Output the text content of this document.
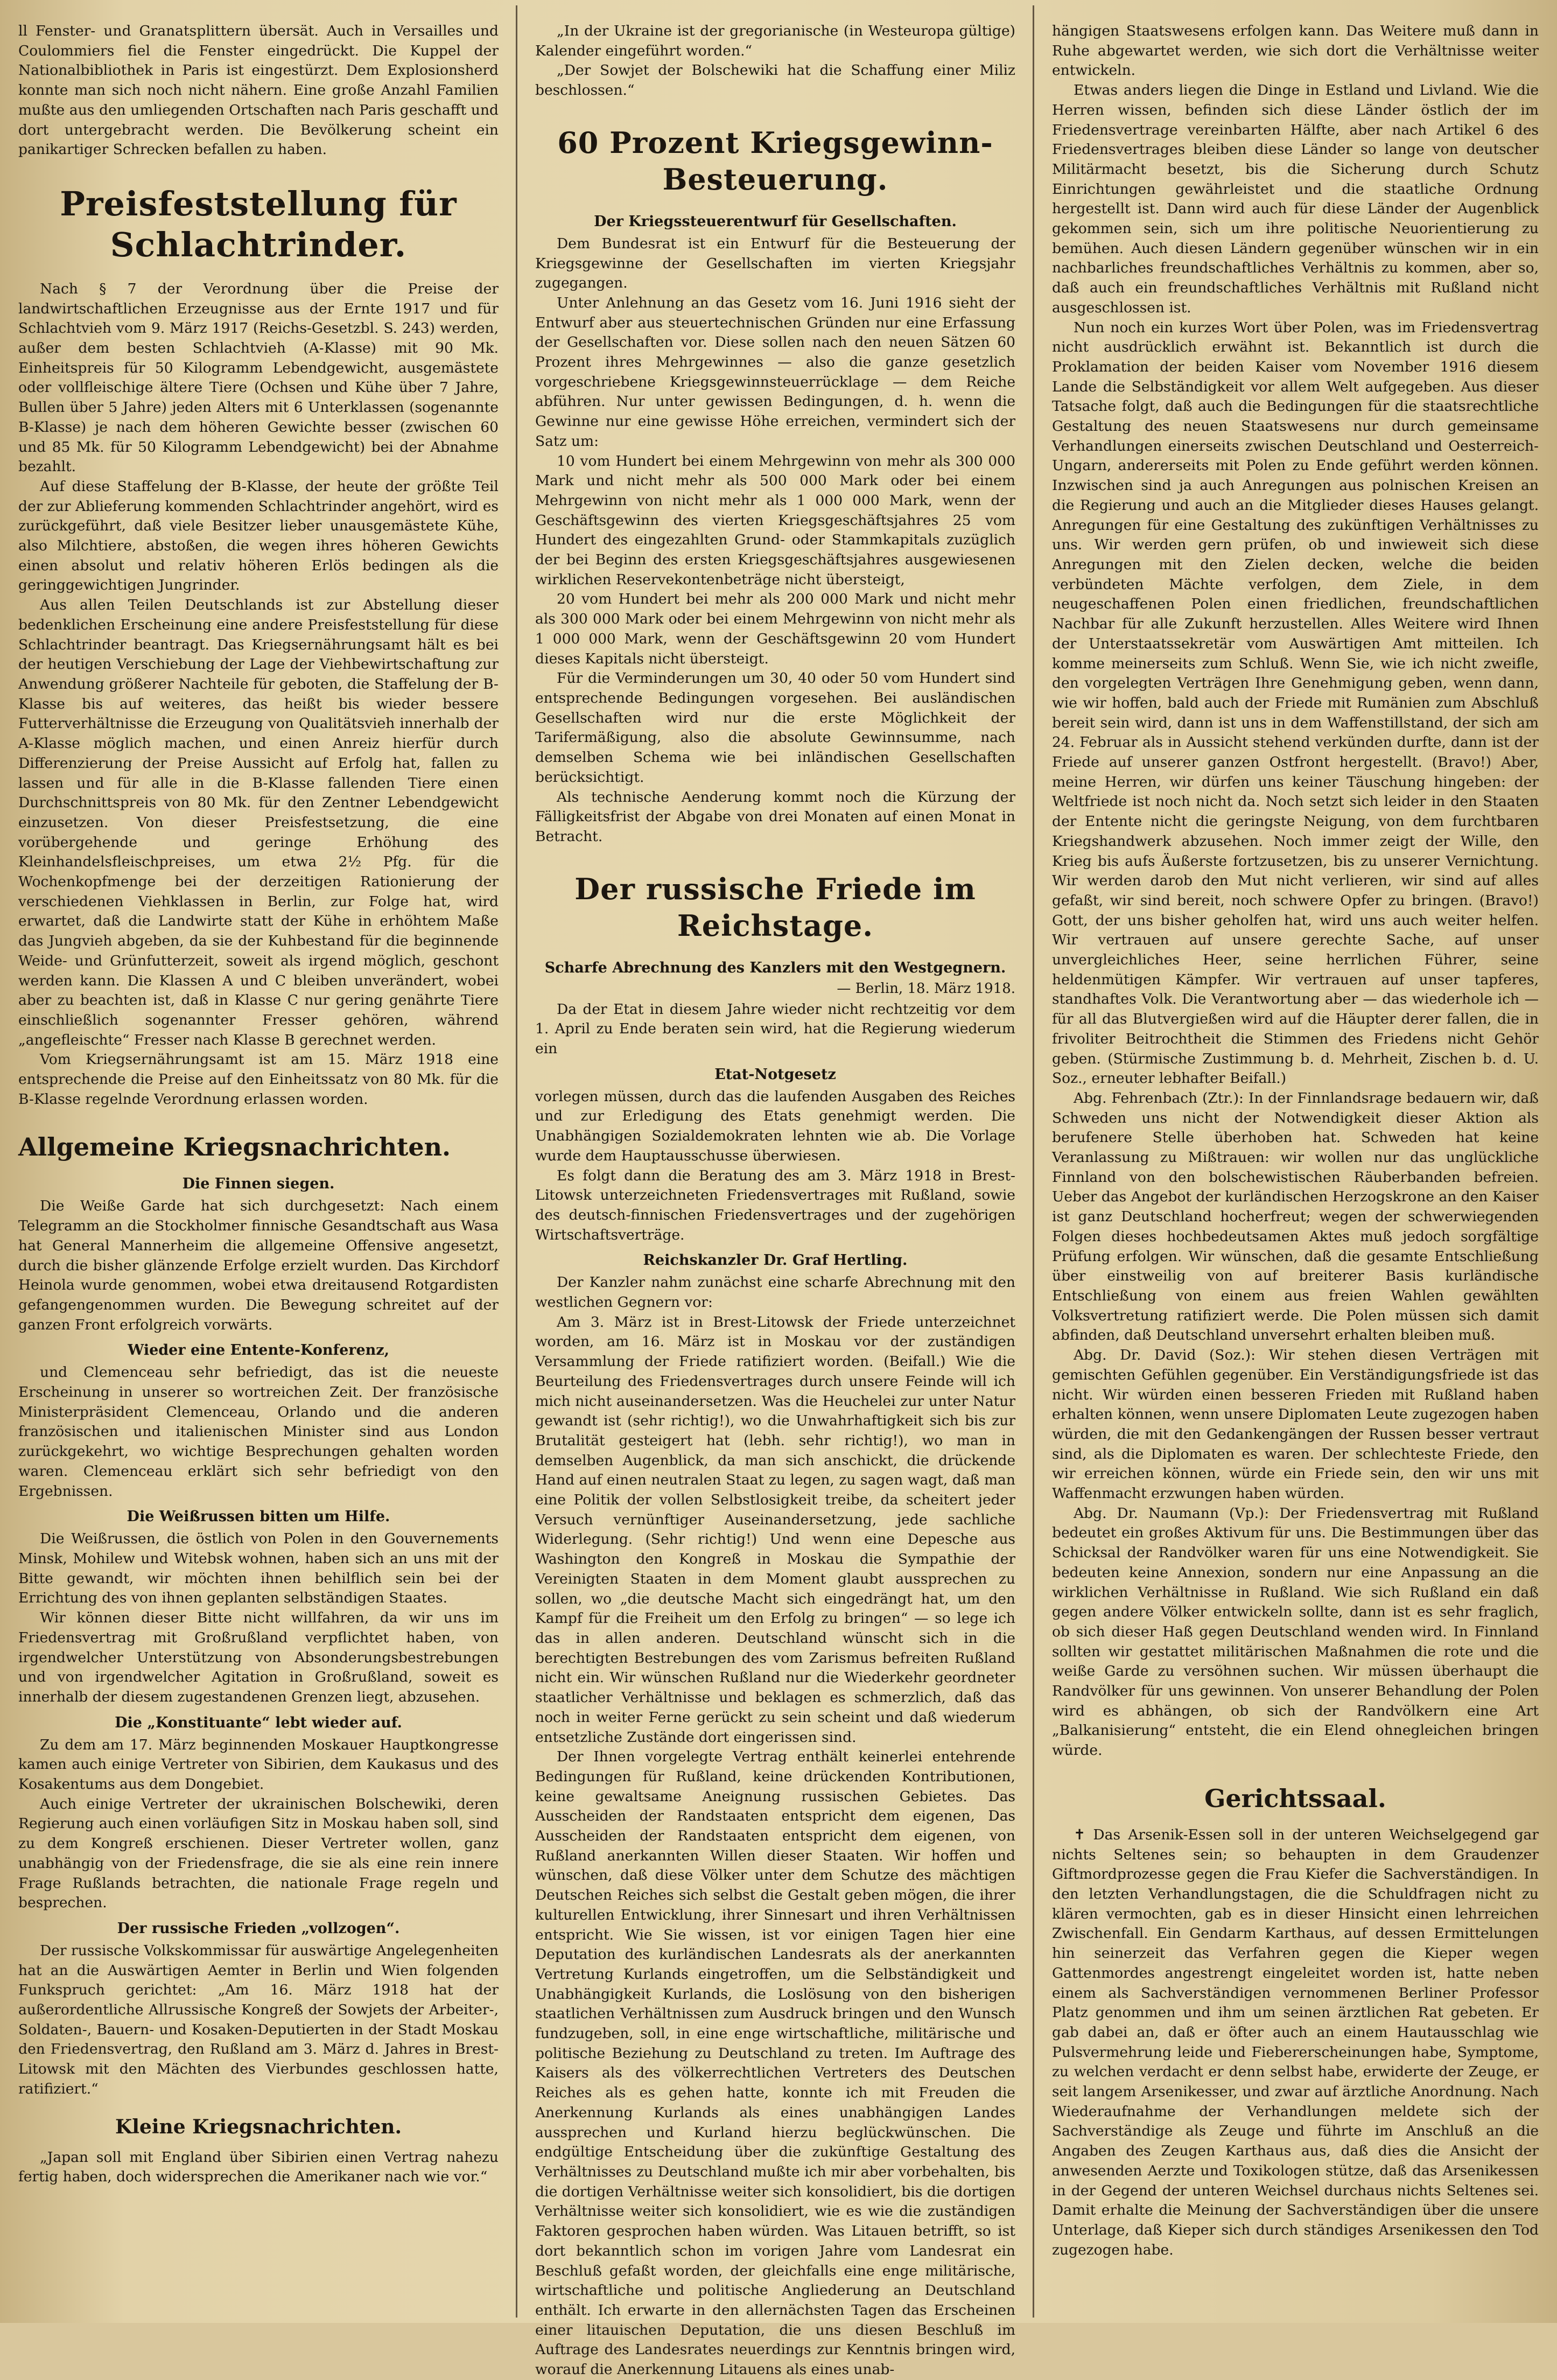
ll Fenster- und Granatsplittern übersät. Auch in Versailles und Coulommiers fiel die Fenster eingedrückt. Die Kuppel der Nationalbibliothek in Paris ist eingestürzt. Dem Explosionsherd konnte man sich noch nicht nähern. Eine große Anzahl Familien mußte aus den umliegenden Ortschaften nach Paris geschafft und dort untergebracht werden. Die Bevölkerung scheint ein panikartiger Schrecken befallen zu haben.

Preisfeststellung für Schlachtrinder.

Nach § 7 der Verordnung über die Preise der landwirtschaftlichen Erzeugnisse aus der Ernte 1917 und für Schlachtvieh vom 9. März 1917 (Reichs-Gesetzbl. S. 243) werden, außer dem besten Schlachtvieh (A-Klasse) mit 90 Mk. Einheitspreis für 50 Kilogramm Lebendgewicht, ausgemästete oder vollfleischige ältere Tiere (Ochsen und Kühe über 7 Jahre, Bullen über 5 Jahre) jeden Alters mit 6 Unterklassen (sogenannte B-Klasse) je nach dem höheren Gewichte besser (zwischen 60 und 85 Mk. für 50 Kilogramm Lebendgewicht) bei der Abnahme bezahlt.

Auf diese Staffelung der B-Klasse, der heute der größte Teil der zur Ablieferung kommenden Schlachtrinder angehört, wird es zurückgeführt, daß viele Besitzer lieber unausgemästete Kühe, also Milchtiere, abstoßen, die wegen ihres höheren Gewichts einen absolut und relativ höheren Erlös bedingen als die geringgewichtigen Jungrinder.

Aus allen Teilen Deutschlands ist zur Abstellung dieser bedenklichen Erscheinung eine andere Preisfeststellung für diese Schlachtrinder beantragt. Das Kriegsernährungsamt hält es bei der heutigen Verschiebung der Lage der Viehbewirtschaftung zur Anwendung größerer Nachteile für geboten, die Staffelung der B-Klasse bis auf weiteres, das heißt bis wieder bessere Futterverhältnisse die Erzeugung von Qualitätsvieh innerhalb der A-Klasse möglich machen, und einen Anreiz hierfür durch Differenzierung der Preise Aussicht auf Erfolg hat, fallen zu lassen und für alle in die B-Klasse fallenden Tiere einen Durchschnittspreis von 80 Mk. für den Zentner Lebendgewicht einzusetzen. Von dieser Preisfestsetzung, die eine vorübergehende und geringe Erhöhung des Kleinhandelsfleischpreises, um etwa 2½ Pfg. für die Wochenkopfmenge bei der derzeitigen Rationierung der verschiedenen Viehklassen in Berlin, zur Folge hat, wird erwartet, daß die Landwirte statt der Kühe in erhöhtem Maße das Jungvieh abgeben, da sie der Kuhbestand für die beginnende Weide- und Grünfutterzeit, soweit als irgend möglich, geschont werden kann. Die Klassen A und C bleiben unverändert, wobei aber zu beachten ist, daß in Klasse C nur gering genährte Tiere einschließlich sogenannter Fresser gehören, während „angefleischte“ Fresser nach Klasse B gerechnet werden.

Vom Kriegsernährungsamt ist am 15. März 1918 eine entsprechende die Preise auf den Einheitssatz von 80 Mk. für die B-Klasse regelnde Verordnung erlassen worden.

Allgemeine Kriegsnachrichten.
Die Finnen siegen.

Die Weiße Garde hat sich durchgesetzt: Nach einem Telegramm an die Stockholmer finnische Gesandtschaft aus Wasa hat General Mannerheim die allgemeine Offensive angesetzt, durch die bisher glänzende Erfolge erzielt wurden. Das Kirchdorf Heinola wurde genommen, wobei etwa dreitausend Rotgardisten gefangengenommen wurden. Die Bewegung schreitet auf der ganzen Front erfolgreich vorwärts.

Wieder eine Entente-Konferenz,

und Clemenceau sehr befriedigt, das ist die neueste Erscheinung in unserer so wortreichen Zeit. Der französische Ministerpräsident Clemenceau, Orlando und die anderen französischen und italienischen Minister sind aus London zurückgekehrt, wo wichtige Besprechungen gehalten worden waren. Clemenceau erklärt sich sehr befriedigt von den Ergebnissen.

Die Weißrussen bitten um Hilfe.

Die Weißrussen, die östlich von Polen in den Gouvernements Minsk, Mohilew und Witebsk wohnen, haben sich an uns mit der Bitte gewandt, wir möchten ihnen behilflich sein bei der Errichtung des von ihnen geplanten selbständigen Staates.

Wir können dieser Bitte nicht willfahren, da wir uns im Friedensvertrag mit Großrußland verpflichtet haben, von irgendwelcher Unterstützung von Absonderungsbestrebungen und von irgendwelcher Agitation in Großrußland, soweit es innerhalb der diesem zugestandenen Grenzen liegt, abzusehen.

Die „Konstituante“ lebt wieder auf.

Zu dem am 17. März beginnenden Moskauer Hauptkongresse kamen auch einige Vertreter von Sibirien, dem Kaukasus und des Kosakentums aus dem Dongebiet.

Auch einige Vertreter der ukrainischen Bolschewiki, deren Regierung auch einen vorläufigen Sitz in Moskau haben soll, sind zu dem Kongreß erschienen. Dieser Vertreter wollen, ganz unabhängig von der Friedensfrage, die sie als eine rein innere Frage Rußlands betrachten, die nationale Frage regeln und besprechen.

Der russische Frieden „vollzogen“.

Der russische Volkskommissar für auswärtige Angelegenheiten hat an die Auswärtigen Aemter in Berlin und Wien folgenden Funkspruch gerichtet: „Am 16. März 1918 hat der außerordentliche Allrussische Kongreß der Sowjets der Arbeiter-, Soldaten-, Bauern- und Kosaken-Deputierten in der Stadt Moskau den Friedensvertrag, den Rußland am 3. März d. Jahres in Brest-Litowsk mit den Mächten des Vierbundes geschlossen hatte, ratifiziert.“

Kleine Kriegsnachrichten.

„Japan soll mit England über Sibirien einen Vertrag nahezu fertig haben, doch widersprechen die Amerikaner nach wie vor.“

„In der Ukraine ist der gregorianische (in Westeuropa gültige) Kalender eingeführt worden.“

„Der Sowjet der Bolschewiki hat die Schaffung einer Miliz beschlossen.“

60 Prozent Kriegsgewinn-Besteuerung.
Der Kriegssteuerentwurf für Gesellschaften.

Dem Bundesrat ist ein Entwurf für die Besteuerung der Kriegsgewinne der Gesellschaften im vierten Kriegsjahr zugegangen.

Unter Anlehnung an das Gesetz vom 16. Juni 1916 sieht der Entwurf aber aus steuertechnischen Gründen nur eine Erfassung der Gesellschaften vor. Diese sollen nach den neuen Sätzen 60 Prozent ihres Mehrgewinnes — also die ganze gesetzlich vorgeschriebene Kriegsgewinnsteuerrücklage — dem Reiche abführen. Nur unter gewissen Bedingungen, d. h. wenn die Gewinne nur eine gewisse Höhe erreichen, vermindert sich der Satz um:

10 vom Hundert bei einem Mehrgewinn von mehr als 300 000 Mark und nicht mehr als 500 000 Mark oder bei einem Mehrgewinn von nicht mehr als 1 000 000 Mark, wenn der Geschäftsgewinn des vierten Kriegsgeschäftsjahres 25 vom Hundert des eingezahlten Grund- oder Stammkapitals zuzüglich der bei Beginn des ersten Kriegsgeschäftsjahres ausgewiesenen wirklichen Reservekontenbeträge nicht übersteigt,

20 vom Hundert bei mehr als 200 000 Mark und nicht mehr als 300 000 Mark oder bei einem Mehrgewinn von nicht mehr als 1 000 000 Mark, wenn der Geschäftsgewinn 20 vom Hundert dieses Kapitals nicht übersteigt.

Für die Verminderungen um 30, 40 oder 50 vom Hundert sind entsprechende Bedingungen vorgesehen. Bei ausländischen Gesellschaften wird nur die erste Möglichkeit der Tarifermäßigung, also die absolute Gewinnsumme, nach demselben Schema wie bei inländischen Gesellschaften berücksichtigt.

Als technische Aenderung kommt noch die Kürzung der Fälligkeitsfrist der Abgabe von drei Monaten auf einen Monat in Betracht.

Der russische Friede im Reichstage.
Scharfe Abrechnung des Kanzlers mit den Westgegnern.
— Berlin, 18. März 1918.

Da der Etat in diesem Jahre wieder nicht rechtzeitig vor dem 1. April zu Ende beraten sein wird, hat die Regierung wiederum ein

Etat-Notgesetz

vorlegen müssen, durch das die laufenden Ausgaben des Reiches und zur Erledigung des Etats genehmigt werden. Die Unabhängigen Sozialdemokraten lehnten wie ab. Die Vorlage wurde dem Hauptausschusse überwiesen.

Es folgt dann die Beratung des am 3. März 1918 in Brest-Litowsk unterzeichneten Friedensvertrages mit Rußland, sowie des deutsch-finnischen Friedensvertrages und der zugehörigen Wirtschaftsverträge.

Reichskanzler Dr. Graf Hertling.

Der Kanzler nahm zunächst eine scharfe Abrechnung mit den westlichen Gegnern vor:

Am 3. März ist in Brest-Litowsk der Friede unterzeichnet worden, am 16. März ist in Moskau vor der zuständigen Versammlung der Friede ratifiziert worden. (Beifall.) Wie die Beurteilung des Friedensvertrages durch unsere Feinde will ich mich nicht auseinandersetzen. Was die Heuchelei zur unter Natur gewandt ist (sehr richtig!), wo die Unwahrhaftigkeit sich bis zur Brutalität gesteigert hat (lebh. sehr richtig!), wo man in demselben Augenblick, da man sich anschickt, die drückende Hand auf einen neutralen Staat zu legen, zu sagen wagt, daß man eine Politik der vollen Selbstlosigkeit treibe, da scheitert jeder Versuch vernünftiger Auseinandersetzung, jede sachliche Widerlegung. (Sehr richtig!) Und wenn eine Depesche aus Washington den Kongreß in Moskau die Sympathie der Vereinigten Staaten in dem Moment glaubt aussprechen zu sollen, wo „die deutsche Macht sich eingedrängt hat, um den Kampf für die Freiheit um den Erfolg zu bringen“ — so lege ich das in allen anderen. Deutschland wünscht sich in die berechtigten Bestrebungen des vom Zarismus befreiten Rußland nicht ein. Wir wünschen Rußland nur die Wiederkehr geordneter staatlicher Verhältnisse und beklagen es schmerzlich, daß das noch in weiter Ferne gerückt zu sein scheint und daß wiederum entsetzliche Zustände dort eingerissen sind.

Der Ihnen vorgelegte Vertrag enthält keinerlei entehrende Bedingungen für Rußland, keine drückenden Kontributionen, keine gewaltsame Aneignung russischen Gebietes. Das Ausscheiden der Randstaaten entspricht dem eigenen, Das Ausscheiden der Randstaaten entspricht dem eigenen, von Rußland anerkannten Willen dieser Staaten. Wir hoffen und wünschen, daß diese Völker unter dem Schutze des mächtigen Deutschen Reiches sich selbst die Gestalt geben mögen, die ihrer kulturellen Entwicklung, ihrer Sinnesart und ihren Verhältnissen entspricht. Wie Sie wissen, ist vor einigen Tagen hier eine Deputation des kurländischen Landesrats als der anerkannten Vertretung Kurlands eingetroffen, um die Selbständigkeit und Unabhängigkeit Kurlands, die Loslösung von den bisherigen staatlichen Verhältnissen zum Ausdruck bringen und den Wunsch fundzugeben, soll, in eine enge wirtschaftliche, militärische und politische Beziehung zu Deutschland zu treten. Im Auftrage des Kaisers als des völkerrechtlichen Vertreters des Deutschen Reiches als es gehen hatte, konnte ich mit Freuden die Anerkennung Kurlands als eines unabhängigen Landes aussprechen und Kurland hierzu beglückwünschen. Die endgültige Entscheidung über die zukünftige Gestaltung des Verhältnisses zu Deutschland mußte ich mir aber vorbehalten, bis die dortigen Verhältnisse weiter sich konsolidiert, bis die dortigen Verhältnisse weiter sich konsolidiert, wie es wie die zuständigen Faktoren gesprochen haben würden. Was Litauen betrifft, so ist dort bekanntlich schon im vorigen Jahre vom Landesrat ein Beschluß gefaßt worden, der gleichfalls eine enge militärische, wirtschaftliche und politische Angliederung an Deutschland enthält. Ich erwarte in den allernächsten Tagen das Erscheinen einer litauischen Deputation, die uns diesen Beschluß im Auftrage des Landesrates neuerdings zur Kenntnis bringen wird, worauf die Anerkennung Litauens als eines unab-

hängigen Staatswesens erfolgen kann. Das Weitere muß dann in Ruhe abgewartet werden, wie sich dort die Verhältnisse weiter entwickeln.

Etwas anders liegen die Dinge in Estland und Livland. Wie die Herren wissen, befinden sich diese Länder östlich der im Friedensvertrage vereinbarten Hälfte, aber nach Artikel 6 des Friedensvertrages bleiben diese Länder so lange von deutscher Militärmacht besetzt, bis die Sicherung durch Schutz Einrichtungen gewährleistet und die staatliche Ordnung hergestellt ist. Dann wird auch für diese Länder der Augenblick gekommen sein, sich um ihre politische Neuorientierung zu bemühen. Auch diesen Ländern gegenüber wünschen wir in ein nachbarliches freundschaftliches Verhältnis zu kommen, aber so, daß auch ein freundschaftliches Verhältnis mit Rußland nicht ausgeschlossen ist.

Nun noch ein kurzes Wort über Polen, was im Friedensvertrag nicht ausdrücklich erwähnt ist. Bekanntlich ist durch die Proklamation der beiden Kaiser vom November 1916 diesem Lande die Selbständigkeit vor allem Welt aufgegeben. Aus dieser Tatsache folgt, daß auch die Bedingungen für die staatsrechtliche Gestaltung des neuen Staatswesens nur durch gemeinsame Verhandlungen einerseits zwischen Deutschland und Oesterreich-Ungarn, andererseits mit Polen zu Ende geführt werden können. Inzwischen sind ja auch Anregungen aus polnischen Kreisen an die Regierung und auch an die Mitglieder dieses Hauses gelangt. Anregungen für eine Gestaltung des zukünftigen Verhältnisses zu uns. Wir werden gern prüfen, ob und inwieweit sich diese Anregungen mit den Zielen decken, welche die beiden verbündeten Mächte verfolgen, dem Ziele, in dem neugeschaffenen Polen einen friedlichen, freundschaftlichen Nachbar für alle Zukunft herzustellen. Alles Weitere wird Ihnen der Unterstaatssekretär vom Auswärtigen Amt mitteilen. Ich komme meinerseits zum Schluß. Wenn Sie, wie ich nicht zweifle, den vorgelegten Verträgen Ihre Genehmigung geben, wenn dann, wie wir hoffen, bald auch der Friede mit Rumänien zum Abschluß bereit sein wird, dann ist uns in dem Waffenstillstand, der sich am 24. Februar als in Aussicht stehend verkünden durfte, dann ist der Friede auf unserer ganzen Ostfront hergestellt. (Bravo!) Aber, meine Herren, wir dürfen uns keiner Täuschung hingeben: der Weltfriede ist noch nicht da. Noch setzt sich leider in den Staaten der Entente nicht die geringste Neigung, von dem furchtbaren Kriegshandwerk abzusehen. Noch immer zeigt der Wille, den Krieg bis aufs Äußerste fortzusetzen, bis zu unserer Vernichtung. Wir werden darob den Mut nicht verlieren, wir sind auf alles gefaßt, wir sind bereit, noch schwere Opfer zu bringen. (Bravo!) Gott, der uns bisher geholfen hat, wird uns auch weiter helfen. Wir vertrauen auf unsere gerechte Sache, auf unser unvergleichliches Heer, seine herrlichen Führer, seine heldenmütigen Kämpfer. Wir vertrauen auf unser tapferes, standhaftes Volk. Die Verantwortung aber — das wiederhole ich — für all das Blutvergießen wird auf die Häupter derer fallen, die in frivoliter Beitrochtheit die Stimmen des Friedens nicht Gehör geben. (Stürmische Zustimmung b. d. Mehrheit, Zischen b. d. U. Soz., erneuter lebhafter Beifall.)

Abg. Fehrenbach (Ztr.): In der Finnlandsrage bedauern wir, daß Schweden uns nicht der Notwendigkeit dieser Aktion als berufenere Stelle überhoben hat. Schweden hat keine Veranlassung zu Mißtrauen: wir wollen nur das unglückliche Finnland von den bolschewistischen Räuberbanden befreien. Ueber das Angebot der kurländischen Herzogskrone an den Kaiser ist ganz Deutschland hocherfreut; wegen der schwerwiegenden Folgen dieses hochbedeutsamen Aktes muß jedoch sorgfältige Prüfung erfolgen. Wir wünschen, daß die gesamte Entschließung über einstweilig von auf breiterer Basis kurländische Entschließung von einem aus freien Wahlen gewählten Volksvertretung ratifiziert werde. Die Polen müssen sich damit abfinden, daß Deutschland unversehrt erhalten bleiben muß.

Abg. Dr. David (Soz.): Wir stehen diesen Verträgen mit gemischten Gefühlen gegenüber. Ein Verständigungsfriede ist das nicht. Wir würden einen besseren Frieden mit Rußland haben erhalten können, wenn unsere Diplomaten Leute zugezogen haben würden, die mit den Gedankengängen der Russen besser vertraut sind, als die Diplomaten es waren. Der schlechteste Friede, den wir erreichen können, würde ein Friede sein, den wir uns mit Waffenmacht erzwungen haben würden.

Abg. Dr. Naumann (Vp.): Der Friedensvertrag mit Rußland bedeutet ein großes Aktivum für uns. Die Bestimmungen über das Schicksal der Randvölker waren für uns eine Notwendigkeit. Sie bedeuten keine Annexion, sondern nur eine Anpassung an die wirklichen Verhältnisse in Rußland. Wie sich Rußland ein daß gegen andere Völker entwickeln sollte, dann ist es sehr fraglich, ob sich dieser Haß gegen Deutschland wenden wird. In Finnland sollten wir gestattet militärischen Maßnahmen die rote und die weiße Garde zu versöhnen suchen. Wir müssen überhaupt die Randvölker für uns gewinnen. Von unserer Behandlung der Polen wird es abhängen, ob sich der Randvölkern eine Art „Balkanisierung“ entsteht, die ein Elend ohnegleichen bringen würde.

Gerichtssaal.

✝ Das Arsenik-Essen soll in der unteren Weichselgegend gar nichts Seltenes sein; so behaupten in dem Graudenzer Giftmordprozesse gegen die Frau Kiefer die Sachverständigen. In den letzten Verhandlungstagen, die die Schuldfragen nicht zu klären vermochten, gab es in dieser Hinsicht einen lehrreichen Zwischenfall. Ein Gendarm Karthaus, auf dessen Ermittelungen hin seinerzeit das Verfahren gegen die Kieper wegen Gattenmordes angestrengt eingeleitet worden ist, hatte neben einem als Sachverständigen vernommenen Berliner Professor Platz genommen und ihm um seinen ärztlichen Rat gebeten. Er gab dabei an, daß er öfter auch an einem Hautausschlag wie Pulsvermehrung leide und Fiebererscheinungen habe, Symptome, zu welchen verdacht er denn selbst habe, erwiderte der Zeuge, er seit langem Arsenikesser, und zwar auf ärztliche Anordnung. Nach Wiederaufnahme der Verhandlungen meldete sich der Sachverständige als Zeuge und führte im Anschluß an die Angaben des Zeugen Karthaus aus, daß dies die Ansicht der anwesenden Aerzte und Toxikologen stütze, daß das Arsenikessen in der Gegend der unteren Weichsel durchaus nichts Seltenes sei. Damit erhalte die Meinung der Sachverständigen über die unsere Unterlage, daß Kieper sich durch ständiges Arsenikessen den Tod zugezogen habe.
